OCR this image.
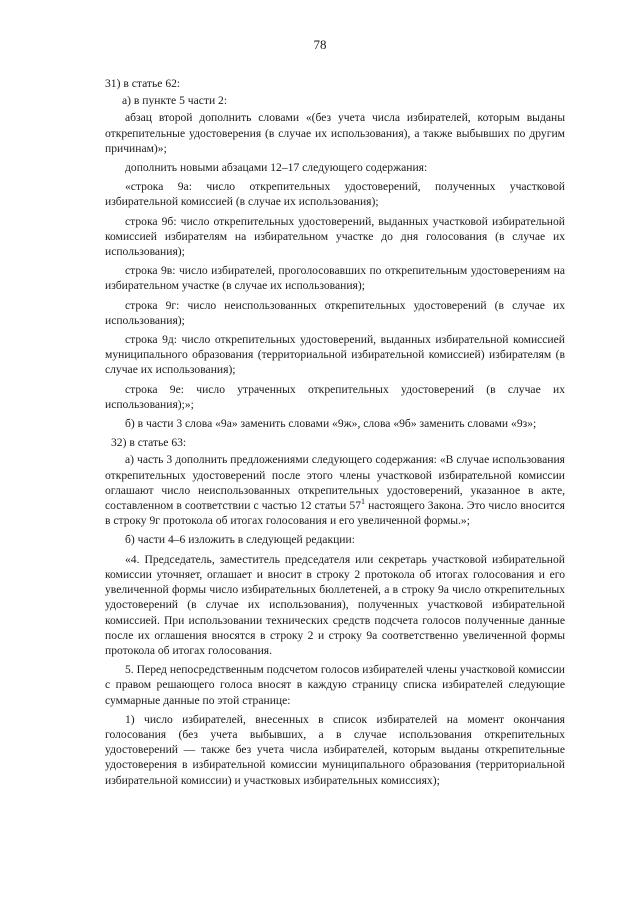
78

31) в статье 62:

а) в пункте 5 части 2:

абзац второй дополнить словами «(без учета числа избирателей, которым выданы открепительные удостоверения (в случае их использования), а также выбывших по другим причинам)»;

дополнить новыми абзацами 12–17 следующего содержания:

«строка 9а: число открепительных удостоверений, полученных участковой избирательной комиссией (в случае их использования);

строка 9б: число открепительных удостоверений, выданных участковой избирательной комиссией избирателям на избирательном участке до дня голосования (в случае их использования);

строка 9в: число избирателей, проголосовавших по открепительным удостоверениям на избирательном участке (в случае их использования);

строка 9г: число неиспользованных открепительных удостоверений (в случае их использования);

строка 9д: число открепительных удостоверений, выданных избирательной комиссией муниципального образования (территориальной избирательной комиссией) избирателям (в случае их использования);

строка 9е: число утраченных открепительных удостоверений (в случае их использования);»;

б) в части 3 слова «9а» заменить словами «9ж», слова «9б» заменить словами «9з»;

32) в статье 63:

а) часть 3 дополнить предложениями следующего содержания: «В случае использования открепительных удостоверений после этого члены участковой избирательной комиссии оглашают число неиспользованных открепительных удостоверений, указанное в акте, составленном в соответствии с частью 12 статьи $57^1$ настоящего Закона. Это число вносится в строку 9г протокола об итогах голосования и его увеличенной формы.»;

б) части 4–6 изложить в следующей редакции:

«4. Председатель, заместитель председателя или секретарь участковой избирательной комиссии уточняет, оглашает и вносит в строку 2 протокола об итогах голосования и его увеличенной формы число избирательных бюллетеней, а в строку 9а число открепительных удостоверений (в случае их использования), полученных участковой избирательной комиссией. При использовании технических средств подсчета голосов полученные данные после их оглашения вносятся в строку 2 и строку 9а соответственно увеличенной формы протокола об итогах голосования.

5. Перед непосредственным подсчетом голосов избирателей члены участковой комиссии с правом решающего голоса вносят в каждую страницу списка избирателей следующие суммарные данные по этой странице:

1) число избирателей, внесенных в список избирателей на момент окончания голосования (без учета выбывших, а в случае использования открепительных удостоверений — также без учета числа избирателей, которым выданы открепительные удостоверения в избирательной комиссии муниципального образования (территориальной избирательной комиссии) и участковых избирательных комиссиях);
